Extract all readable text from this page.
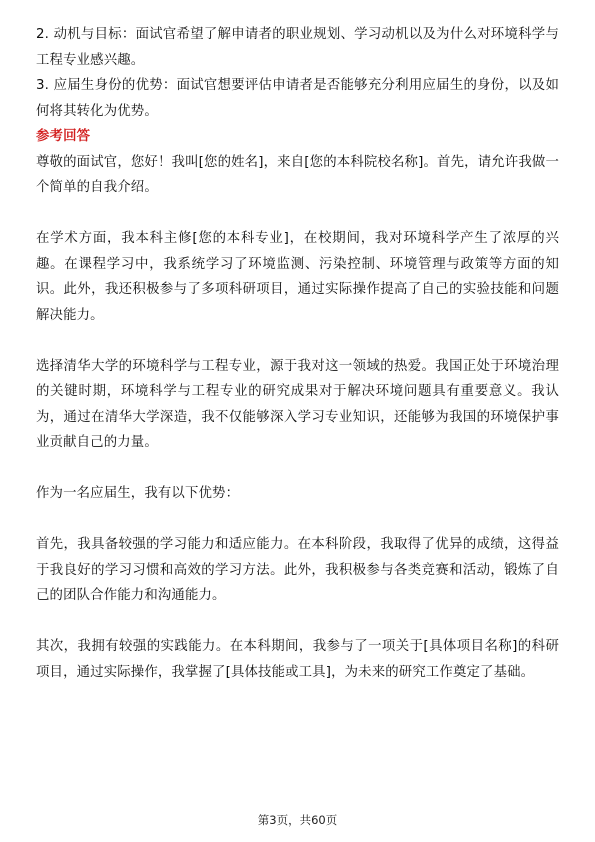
2. 动机与目标：面试官希望了解申请者的职业规划、学习动机以及为什么对环境科学与工程专业感兴趣。

3. 应届生身份的优势：面试官想要评估申请者是否能够充分利用应届生的身份，以及如何将其转化为优势。

参考回答

尊敬的面试官，您好！我叫[您的姓名]，来自[您的本科院校名称]。首先，请允许我做一个简单的自我介绍。

在学术方面，我本科主修[您的本科专业]，在校期间，我对环境科学产生了浓厚的兴趣。在课程学习中，我系统学习了环境监测、污染控制、环境管理与政策等方面的知识。此外，我还积极参与了多项科研项目，通过实际操作提高了自己的实验技能和问题解决能力。

选择清华大学的环境科学与工程专业，源于我对这一领域的热爱。我国正处于环境治理的关键时期，环境科学与工程专业的研究成果对于解决环境问题具有重要意义。我认为，通过在清华大学深造，我不仅能够深入学习专业知识，还能够为我国的环境保护事业贡献自己的力量。

作为一名应届生，我有以下优势：

首先，我具备较强的学习能力和适应能力。在本科阶段，我取得了优异的成绩，这得益于我良好的学习习惯和高效的学习方法。此外，我积极参与各类竞赛和活动，锻炼了自己的团队合作能力和沟通能力。

其次，我拥有较强的实践能力。在本科期间，我参与了一项关于[具体项目名称]的科研项目，通过实际操作，我掌握了[具体技能或工具]，为未来的研究工作奠定了基础。

第3页，共60页
